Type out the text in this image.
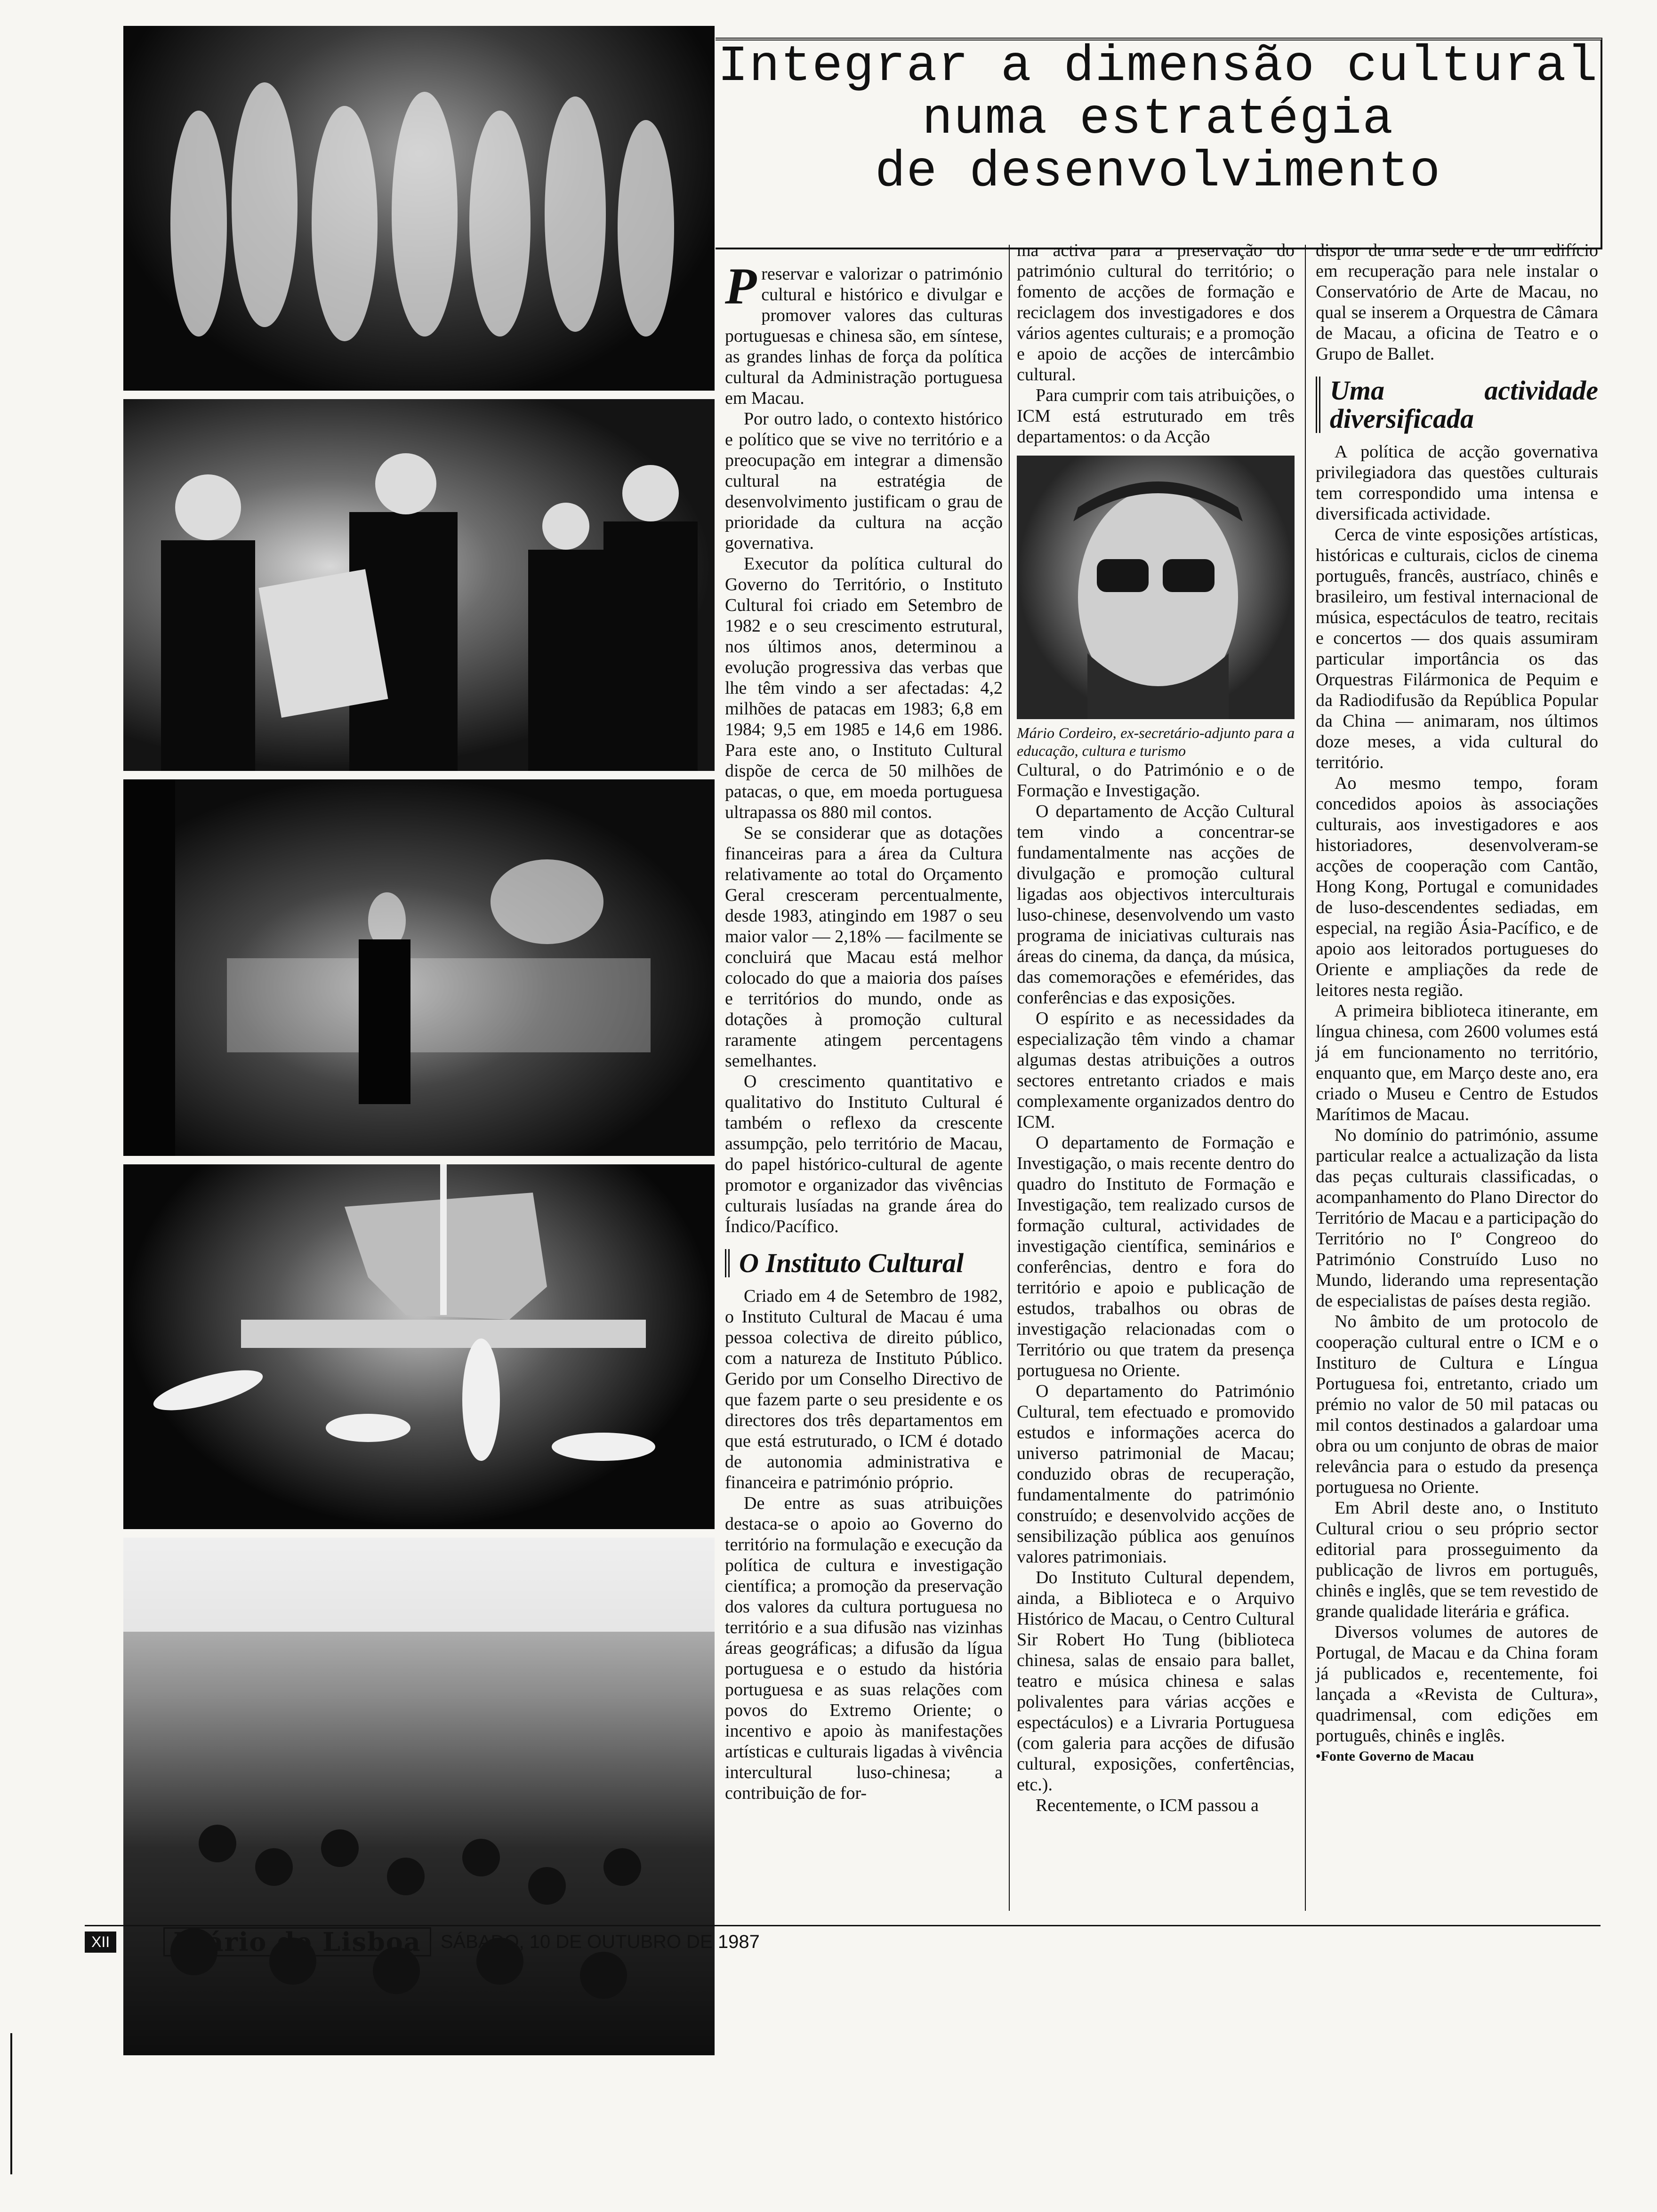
Integrar a dimensão cultural
numa estratégia
de desenvolvimento

Preservar e valorizar o património cultural e histórico e divulgar e promover valores das culturas portuguesas e chinesa são, em síntese, as grandes linhas de força da política cultural da Administração portuguesa em Macau.

Por outro lado, o contexto histórico e político que se vive no território e a preocupação em integrar a dimensão cultural na estratégia de desenvolvimento justificam o grau de prioridade da cultura na acção governativa.

Executor da política cultural do Governo do Território, o Instituto Cultural foi criado em Setembro de 1982 e o seu crescimento estrutural, nos últimos anos, determinou a evolução progressiva das verbas que lhe têm vindo a ser afectadas: 4,2 milhões de patacas em 1983; 6,8 em 1984; 9,5 em 1985 e 14,6 em 1986. Para este ano, o Instituto Cultural dispõe de cerca de 50 milhões de patacas, o que, em moeda portuguesa ultrapassa os 880 mil contos.

Se se considerar que as dotações financeiras para a área da Cultura relativamente ao total do Orçamento Geral cresceram percentualmente, desde 1983, atingindo em 1987 o seu maior valor — 2,18% — facilmente se concluirá que Macau está melhor colocado do que a maioria dos países e territórios do mundo, onde as dotações à promoção cultural raramente atingem percentagens semelhantes.

O crescimento quantitativo e qualitativo do Instituto Cultural é também o reflexo da crescente assumpção, pelo território de Macau, do papel histórico-cultural de agente promotor e organizador das vivências culturais lusíadas na grande área do Índico/Pacífico.

O Instituto Cultural

Criado em 4 de Setembro de 1982, o Instituto Cultural de Macau é uma pessoa colectiva de direito público, com a natureza de Instituto Público. Gerido por um Conselho Directivo de que fazem parte o seu presidente e os directores dos três departamentos em que está estruturado, o ICM é dotado de autonomia administrativa e financeira e património próprio.

De entre as suas atribuições destaca-se o apoio ao Governo do território na formulação e execução da política de cultura e investigação científica; a promoção da preservação dos valores da cultura portuguesa no território e a sua difusão nas vizinhas áreas geográficas; a difusão da lígua portuguesa e o estudo da história portuguesa e as suas relações com povos do Extremo Oriente; o incentivo e apoio às manifestações artísticas e culturais ligadas à vivência intercultural luso-chinesa; a contribuição de for-

ma activa para a preservação do património cultural do território; o fomento de acções de formação e reciclagem dos investigadores e dos vários agentes culturais; e a promoção e apoio de acções de intercâmbio cultural.

Para cumprir com tais atribuições, o ICM está estruturado em três departamentos: o da Acção

Mário Cordeiro, ex-secretário-adjunto para a educação, cultura e turismo

Cultural, o do Património e o de Formação e Investigação.

O departamento de Acção Cultural tem vindo a concentrar-se fundamentalmente nas acções de divulgação e promoção cultural ligadas aos objectivos interculturais luso-chinese, desenvolvendo um vasto programa de iniciativas culturais nas áreas do cinema, da dança, da música, das comemorações e efemérides, das conferências e das exposições.

O espírito e as necessidades da especialização têm vindo a chamar algumas destas atribuições a outros sectores entretanto criados e mais complexamente organizados dentro do ICM.

O departamento de Formação e Investigação, o mais recente dentro do quadro do Instituto de Formação e Investigação, tem realizado cursos de formação cultural, actividades de investigação científica, seminários e conferências, dentro e fora do território e apoio e publicação de estudos, trabalhos ou obras de investigação relacionadas com o Território ou que tratem da presença portuguesa no Oriente.

O departamento do Património Cultural, tem efectuado e promovido estudos e informações acerca do universo patrimonial de Macau; conduzido obras de recuperação, fundamentalmente do património construído; e desenvolvido acções de sensibilização pública aos genuínos valores patrimoniais.

Do Instituto Cultural dependem, ainda, a Biblioteca e o Arquivo Histórico de Macau, o Centro Cultural Sir Robert Ho Tung (biblioteca chinesa, salas de ensaio para ballet, teatro e música chinesa e salas polivalentes para várias acções e espectáculos) e a Livraria Portuguesa (com galeria para acções de difusão cultural, exposições, confertências, etc.).

Recentemente, o ICM passou a

dispor de uma sede e de um edifício em recuperação para nele instalar o Conservatório de Arte de Macau, no qual se inserem a Orquestra de Câmara de Macau, a oficina de Teatro e o Grupo de Ballet.

Uma actividade diversificada

A política de acção governativa privilegiadora das questões culturais tem correspondido uma intensa e diversificada actividade.

Cerca de vinte esposições artísticas, históricas e culturais, ciclos de cinema português, francês, austríaco, chinês e brasileiro, um festival internacional de música, espectáculos de teatro, recitais e concertos — dos quais assumiram particular importância os das Orquestras Filármonica de Pequim e da Radiodifusão da República Popular da China — animaram, nos últimos doze meses, a vida cultural do território.

Ao mesmo tempo, foram concedidos apoios às associações culturais, aos investigadores e aos historiadores, desenvolveram-se acções de cooperação com Cantão, Hong Kong, Portugal e comunidades de luso-descendentes sediadas, em especial, na região Ásia-Pacífico, e de apoio aos leitorados portugueses do Oriente e ampliações da rede de leitores nesta região.

A primeira biblioteca itinerante, em língua chinesa, com 2600 volumes está já em funcionamento no território, enquanto que, em Março deste ano, era criado o Museu e Centro de Estudos Marítimos de Macau.

No domínio do património, assume particular realce a actualização da lista das peças culturais classificadas, o acompanhamento do Plano Director do Território de Macau e a participação do Território no Iº Congreoo do Património Construído Luso no Mundo, liderando uma representação de especialistas de países desta região.

No âmbito de um protocolo de cooperação cultural entre o ICM e o Instituro de Cultura e Língua Portuguesa foi, entretanto, criado um prémio no valor de 50 mil patacas ou mil contos destinados a galardoar uma obra ou um conjunto de obras de maior relevância para o estudo da presença portuguesa no Oriente.

Em Abril deste ano, o Instituto Cultural criou o seu próprio sector editorial para prosseguimento da publicação de livros em português, chinês e inglês, que se tem revestido de grande qualidade literária e gráfica.

Diversos volumes de autores de Portugal, de Macau e da China foram já publicados e, recentemente, foi lançada a «Revista de Cultura», quadrimensal, com edições em português, chinês e inglês.

•Fonte Governo de Macau

XII	Diário de Lisboa	SÁBADO, 10 DE OUTUBRO DE 1987
